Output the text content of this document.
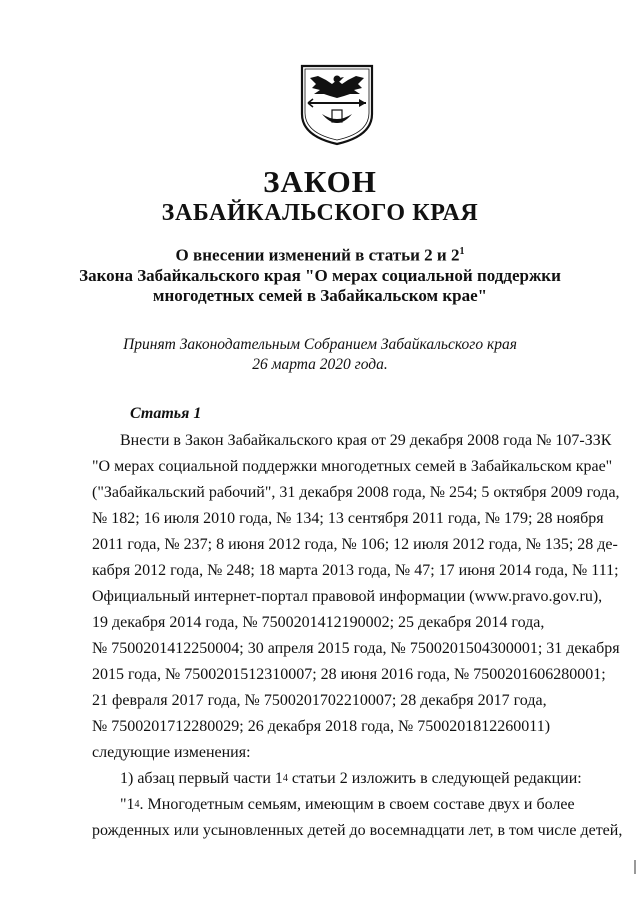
ЗАКОН
ЗАБАЙКАЛЬСКОГО КРАЯ
О внесении изменений в статьи 2 и $2^1$
Закона Забайкальского края "О мерах социальной поддержки
многодетных семей в Забайкальском крае"
Принят Законодательным Собранием Забайкальского края
26 марта 2020 года.
Статья 1
Внести в Закон Забайкальского края от 29 декабря 2008 года № 107-ЗЗК
"О мерах социальной поддержки многодетных семей в Забайкальском крае"
("Забайкальский рабочий", 31 декабря 2008 года, № 254; 5 октября 2009 года,
№ 182; 16 июля 2010 года, № 134; 13 сентября 2011 года, № 179; 28 ноября
2011 года, № 237; 8 июня 2012 года, № 106; 12 июля 2012 года, № 135; 28 де-
кабря 2012 года, № 248; 18 марта 2013 года, № 47; 17 июня 2014 года, № 111;
Официальный интернет-портал правовой информации (www.pravo.gov.ru),
19 декабря 2014 года, № 7500201412190002; 25 декабря 2014 года,
№ 7500201412250004; 30 апреля 2015 года, № 7500201504300001; 31 декабря
2015 года, № 7500201512310007; 28 июня 2016 года, № 7500201606280001;
21 февраля 2017 года, № 7500201702210007; 28 декабря 2017 года,
№ 7500201712280029; 26 декабря 2018 года, № 7500201812260011)
следующие изменения:
1) абзац первый части 1 4 статьи 2 изложить в следующей редакции:
"1 4 . Многодетным семьям, имеющим в своем составе двух и более
рожденных или усыновленных детей до восемнадцати лет, в том числе детей,
